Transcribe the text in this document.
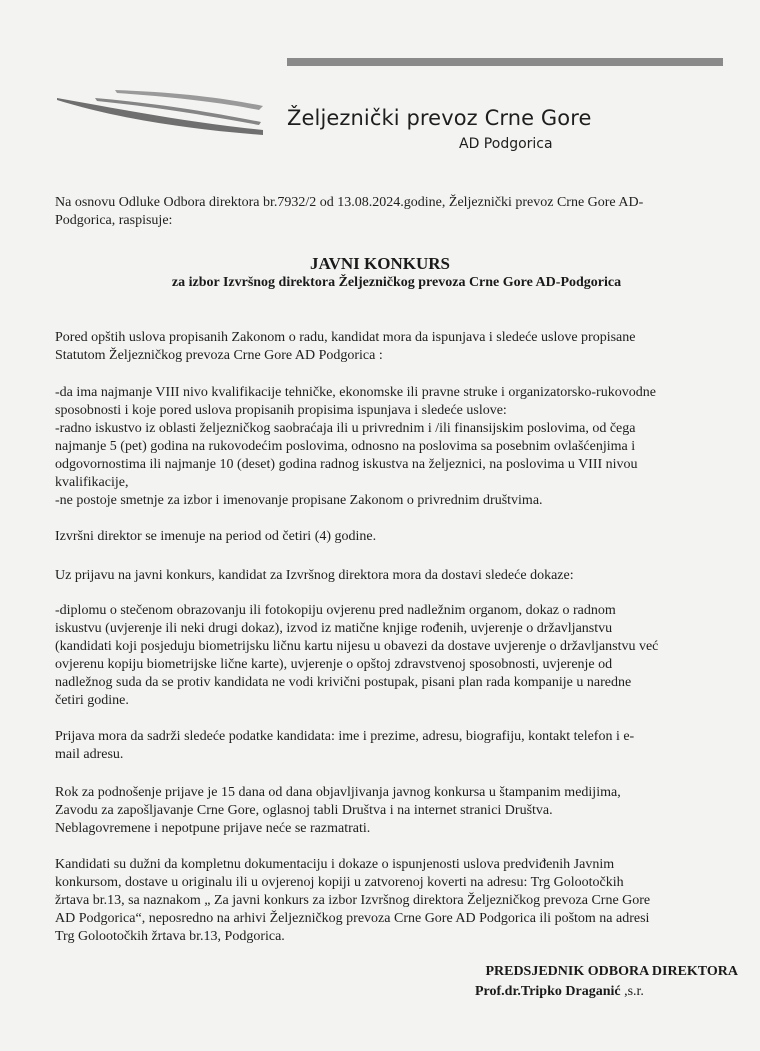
Željeznički prevoz Crne Gore
AD Podgorica
Na osnovu Odluke Odbora direktora br.7932/2 od 13.08.2024.godine, Željeznički prevoz Crne Gore AD-
Podgorica, raspisuje:
JAVNI KONKURS
za izbor Izvršnog direktora Željezničkog prevoza Crne Gore AD-Podgorica
Pored opštih uslova propisanih Zakonom o radu, kandidat mora da ispunjava i sledeće uslove propisane
Statutom Željezničkog prevoza Crne Gore AD Podgorica :
-da ima najmanje VIII nivo kvalifikacije tehničke, ekonomske ili pravne struke i organizatorsko-rukovodne
sposobnosti i koje pored uslova propisanih propisima ispunjava i sledeće uslove:
-radno iskustvo iz oblasti željezničkog saobraćaja ili u privrednim i /ili finansijskim poslovima, od čega
najmanje 5 (pet) godina na rukovodećim poslovima, odnosno na poslovima sa posebnim ovlašćenjima i
odgovornostima ili najmanje 10 (deset) godina radnog iskustva na željeznici, na poslovima u VIII nivou
kvalifikacije,
-ne postoje smetnje za izbor i imenovanje propisane Zakonom o privrednim društvima.
Izvršni direktor se imenuje na period od četiri (4) godine.
Uz prijavu na javni konkurs, kandidat za Izvršnog direktora mora da dostavi sledeće dokaze:
-diplomu o stečenom obrazovanju ili fotokopiju ovjerenu pred nadležnim organom, dokaz o radnom
iskustvu (uvjerenje ili neki drugi dokaz), izvod iz matične knjige rođenih, uvjerenje o državljanstvu
(kandidati koji posjeduju biometrijsku ličnu kartu nijesu u obavezi da dostave uvjerenje o državljanstvu već
ovjerenu kopiju biometrijske lične karte), uvjerenje o opštoj zdravstvenoj sposobnosti, uvjerenje od
nadležnog suda da se protiv kandidata ne vodi krivični postupak, pisani plan rada kompanije u naredne
četiri godine.
Prijava mora da sadrži sledeće podatke kandidata: ime i prezime, adresu, biografiju, kontakt telefon i e-
mail adresu.
Rok za podnošenje prijave je 15 dana od dana objavljivanja javnog konkursa u štampanim medijima,
Zavodu za zapošljavanje Crne Gore, oglasnoj tabli Društva i na internet stranici Društva.
Neblagovremene i nepotpune prijave neće se razmatrati.
Kandidati su dužni da kompletnu dokumentaciju i dokaze o ispunjenosti uslova predviđenih Javnim
konkursom, dostave u originalu ili u ovjerenoj kopiji u zatvorenoj koverti na adresu: Trg Golootočkih
žrtava br.13, sa naznakom „ Za javni konkurs za izbor Izvršnog direktora Željezničkog prevoza Crne Gore
AD Podgorica“, neposredno na arhivi Željezničkog prevoza Crne Gore AD Podgorica ili poštom na adresi
Trg Golootočkih žrtava br.13, Podgorica.
PREDSJEDNIK ODBORA DIREKTORA
Prof.dr.Tripko Draganić ,s.r.
